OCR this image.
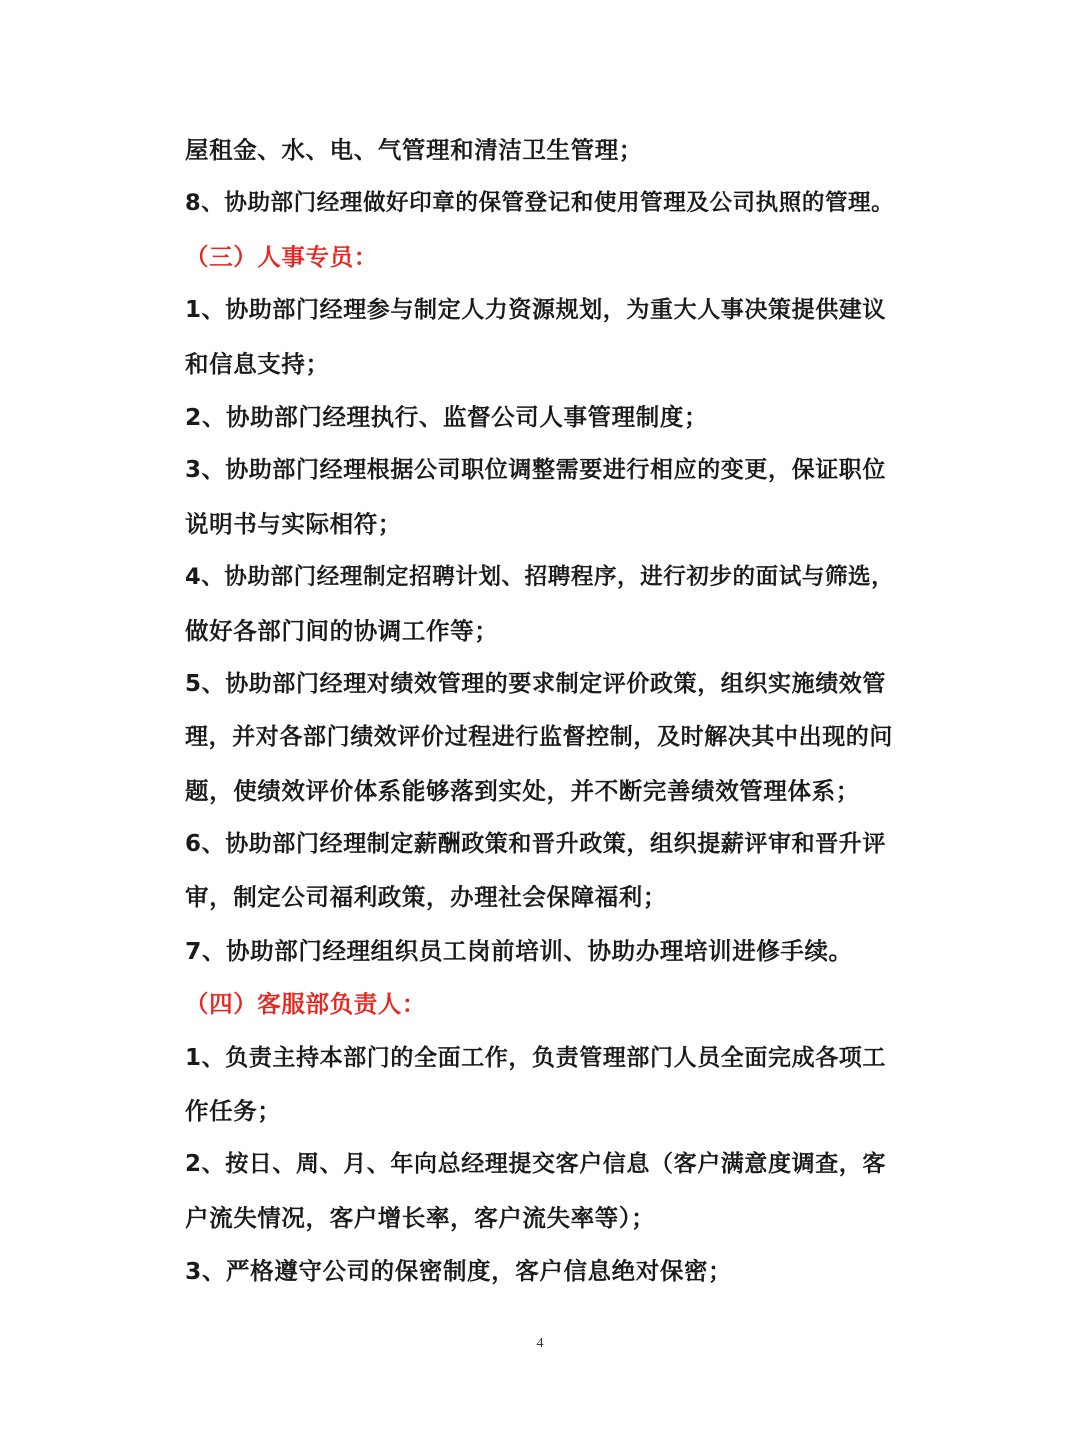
屋租金、水、电、气管理和清洁卫生管理；
8、协助部门经理做好印章的保管登记和使用管理及公司执照的管理。
（三）人事专员：
1、协助部门经理参与制定人力资源规划，为重大人事决策提供建议
和信息支持；
2、协助部门经理执行、监督公司人事管理制度；
3、协助部门经理根据公司职位调整需要进行相应的变更，保证职位
说明书与实际相符；
4、协助部门经理制定招聘计划、招聘程序，进行初步的面试与筛选，
做好各部门间的协调工作等；
5、协助部门经理对绩效管理的要求制定评价政策，组织实施绩效管
理，并对各部门绩效评价过程进行监督控制，及时解决其中出现的问
题，使绩效评价体系能够落到实处，并不断完善绩效管理体系；
6、协助部门经理制定薪酬政策和晋升政策，组织提薪评审和晋升评
审，制定公司福利政策，办理社会保障福利；
7、协助部门经理组织员工岗前培训、协助办理培训进修手续。
（四）客服部负责人：
1、负责主持本部门的全面工作，负责管理部门人员全面完成各项工
作任务；
2、按日、周、月、年向总经理提交客户信息（客户满意度调查，客
户流失情况，客户增长率，客户流失率等）；
3、严格遵守公司的保密制度，客户信息绝对保密；
4
